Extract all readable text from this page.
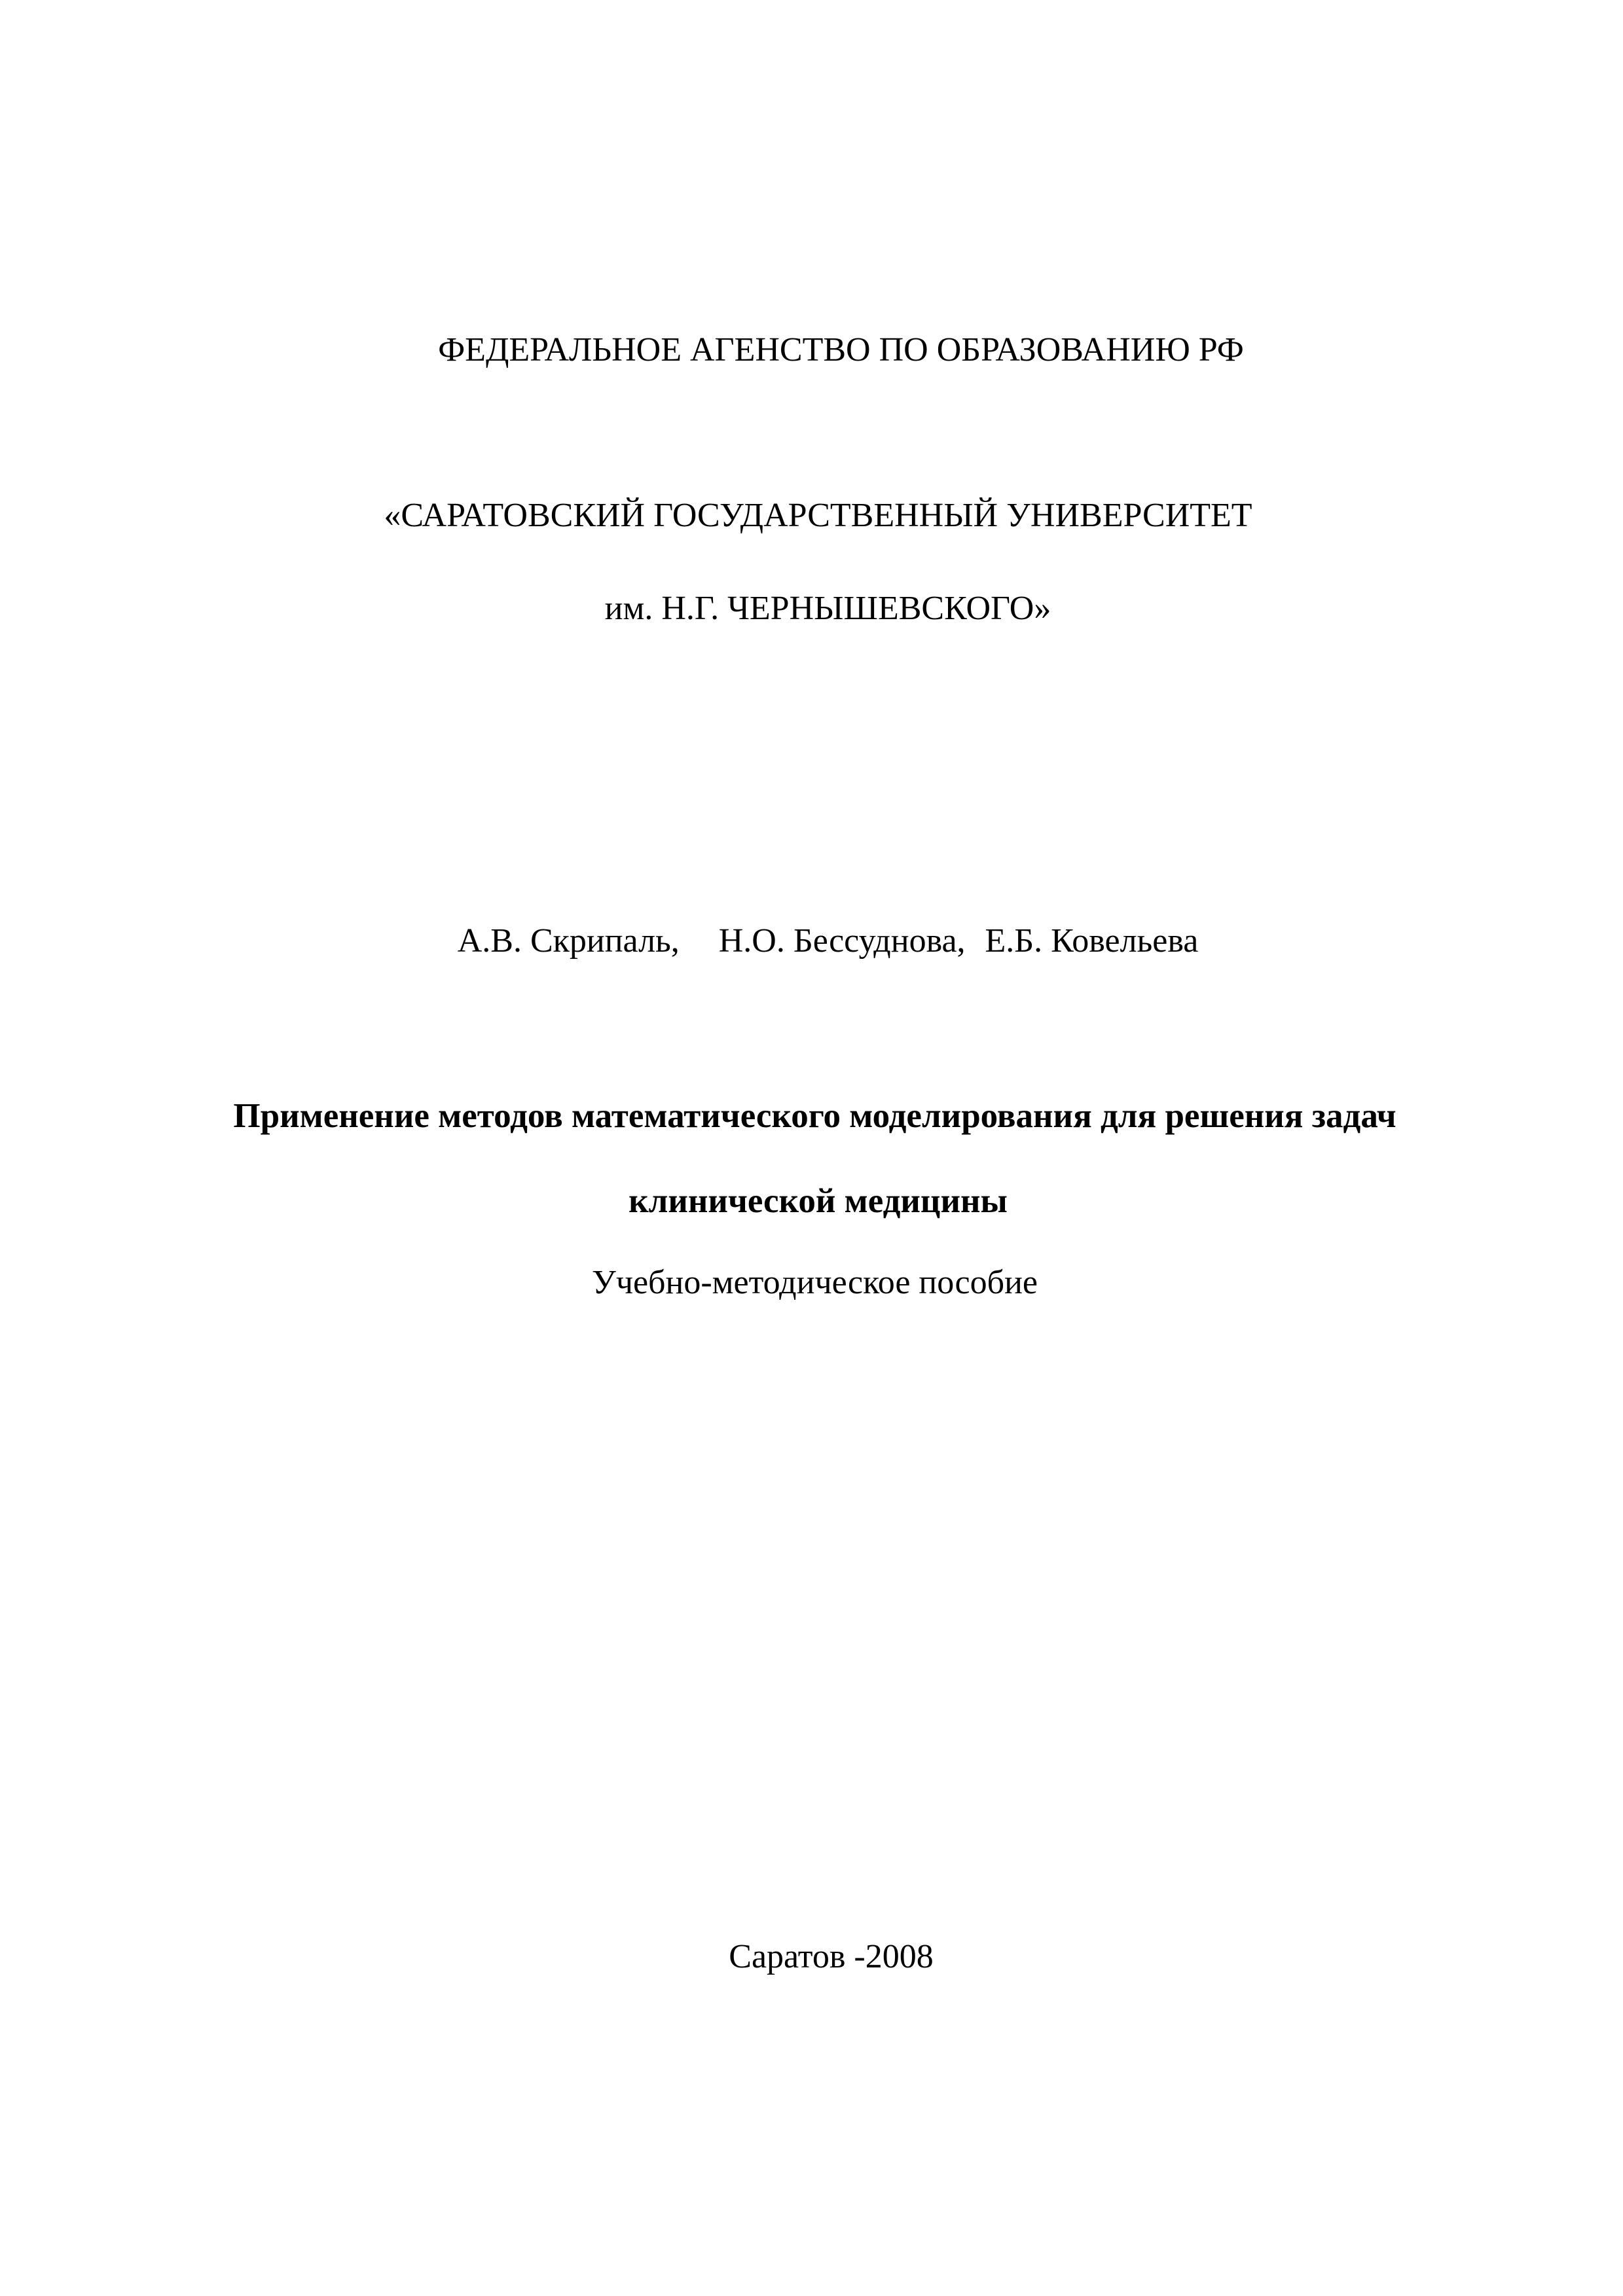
ФЕДЕРАЛЬНОЕ АГЕНСТВО ПО ОБРАЗОВАНИЮ РФ
«САРАТОВСКИЙ ГОСУДАРСТВЕННЫЙ УНИВЕРСИТЕТ
им. Н.Г. ЧЕРНЫШЕВСКОГО»
А.В. Скрипаль, Н.О. Бессуднова, Е.Б. Ковельева
Применение методов математического моделирования для решения задач
клинической медицины
Учебно-методическое пособие
Саратов -2008
